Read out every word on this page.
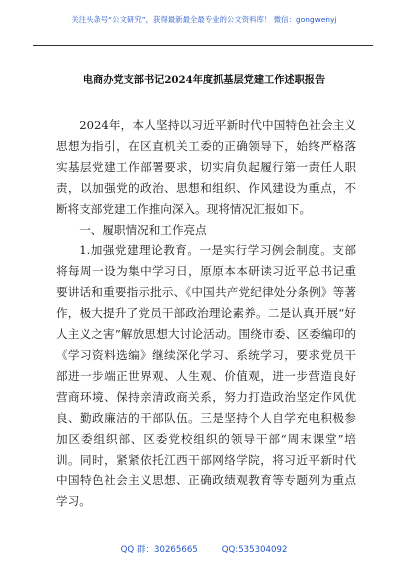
关注头条号“公文研究”，获得最新最全最专业的公文资料库！ 微信：gongwenyj
电商办党支部书记2024年度抓基层党建工作述职报告

2024年，本人坚持以习近平新时代中国特色社会主义思想为指引，在区直机关工委的正确领导下，始终严格落实基层党建工作部署要求，切实肩负起履行第一责任人职责，以加强党的政治、思想和组织、作风建设为重点，不断将支部党建工作推向深入。现将情况汇报如下。

一、履职情况和工作亮点

1.加强党建理论教育。一是实行学习例会制度。支部将每周一设为集中学习日，原原本本研读习近平总书记重要讲话和重要指示批示、《中国共产党纪律处分条例》等著作，极大提升了党员干部政治理论素养。二是认真开展“好人主义之害”解放思想大讨论活动。围绕市委、区委编印的《学习资料选编》继续深化学习、系统学习，要求党员干部进一步端正世界观、人生观、价值观，进一步营造良好营商环境、保持亲清政商关系，努力打造政治坚定作风优良、勤政廉洁的干部队伍。三是坚持个人自学充电积极参加区委组织部、区委党校组织的领导干部“周末课堂”培训。同时，紧紧依托江西干部网络学院，将习近平新时代中国特色社会主义思想、正确政绩观教育等专题列为重点学习。

QQ 群：30265665	QQ:535304092
